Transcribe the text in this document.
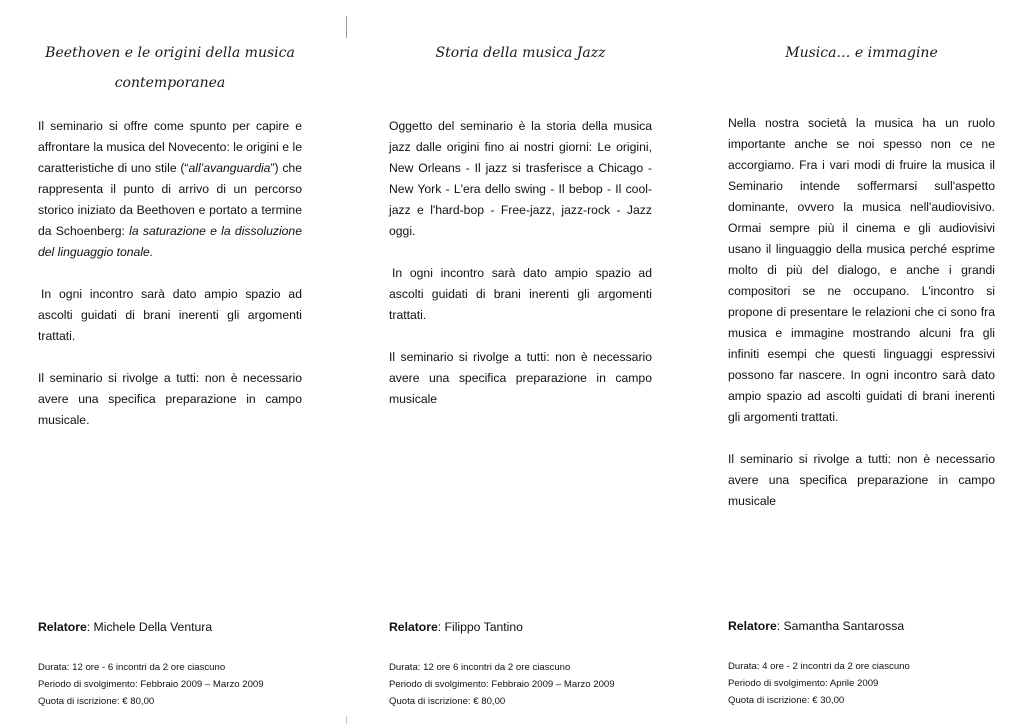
Beethoven e le origini della musica
contemporanea

Il seminario si offre come spunto per capire e affrontare la musica del Novecento: le origini e le caratteristiche di uno stile (“all’avanguardia”) che rappresenta il punto di arrivo di un percorso storico iniziato da Beethoven e portato a termine da Schoenberg: la saturazione e la dissoluzione del linguaggio tonale.

In ogni incontro sarà dato ampio spazio ad ascolti guidati di brani inerenti gli argomenti trattati.

Il seminario si rivolge a tutti: non è necessario avere una specifica preparazione in campo musicale.

Relatore: Michele Della Ventura
Durata: 12 ore - 6 incontri da 2 ore ciascuno
Periodo di svolgimento: Febbraio 2009 – Marzo 2009
Quota di iscrizione: € 80,00
Storia della musica Jazz

Oggetto del seminario è la storia della musica jazz dalle origini fino ai nostri giorni: Le origini, New Orleans - Il jazz si trasferisce a Chicago - New York - L'era dello swing - Il bebop - Il cool-jazz e l'hard-bop - Free-jazz, jazz-rock - Jazz oggi.

In ogni incontro sarà dato ampio spazio ad ascolti guidati di brani inerenti gli argomenti trattati.

Il seminario si rivolge a tutti: non è necessario avere una specifica preparazione in campo musicale

Relatore: Filippo Tantino
Durata: 12 ore 6 incontri da 2 ore ciascuno
Periodo di svolgimento: Febbraio 2009 – Marzo 2009
Quota di iscrizione: € 80,00
Musica… e immagine

Nella nostra società la musica ha un ruolo importante anche se noi spesso non ce ne accorgiamo. Fra i vari modi di fruire la musica il Seminario intende soffermarsi sull'aspetto dominante, ovvero la musica nell'audiovisivo. Ormai sempre più il cinema e gli audiovisivi usano il linguaggio della musica perché esprime molto di più del dialogo, e anche i grandi compositori se ne occupano. L'incontro si propone di presentare le relazioni che ci sono fra musica e immagine mostrando alcuni fra gli infiniti esempi che questi linguaggi espressivi possono far nascere. In ogni incontro sarà dato ampio spazio ad ascolti guidati di brani inerenti gli argomenti trattati.

Il seminario si rivolge a tutti: non è necessario avere una specifica preparazione in campo musicale

Relatore: Samantha Santarossa
Durata: 4 ore - 2 incontri da 2 ore ciascuno
Periodo di svolgimento: Aprile 2009
Quota di iscrizione: € 30,00
